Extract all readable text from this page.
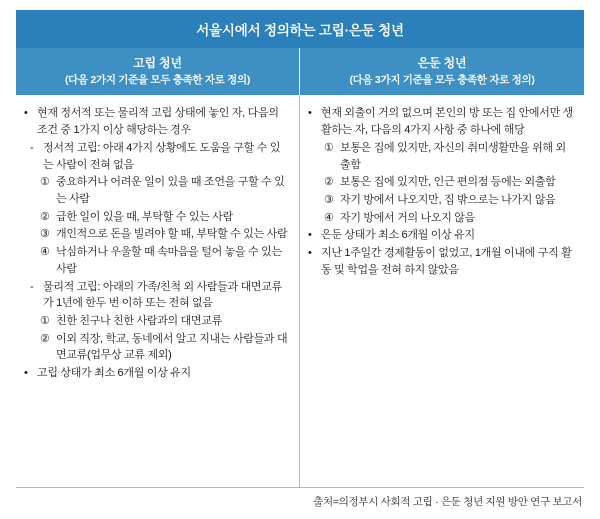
서울시에서 정의하는 고립·은둔 청년
고립 청년
(다음 2가지 기준을 모두 충족한 자로 정의)
은둔 청년
(다음 3가지 기준을 모두 충족한 자로 정의)
• 현재 정서적 또는 물리적 고립 상태에 놓인 자, 다음의 조건 중 1가지 이상 해당하는 경우
- 정서적 고립: 아래 4가지 상황에도 도움을 구할 수 있는 사람이 전혀 없음
① 중요하거나 어려운 일이 있을 때 조언을 구할 수 있는 사람
② 급한 일이 있을 때, 부탁할 수 있는 사람
③ 개인적으로 돈을 빌려야 할 때, 부탁할 수 있는 사람
④ 낙심하거나 우울할 때 속마음을 털어 놓을 수 있는 사람
- 물리적 고립: 아래의 가족/친척 외 사람들과 대면교류가 1년에 한두 번 이하 또는 전혀 없음
① 친한 친구나 친한 사람과의 대면교류
② 이외 직장, 학교, 동네에서 알고 지내는 사람들과 대면교류(업무상 교류 제외)
• 고립 상태가 최소 6개월 이상 유지
• 현재 외출이 거의 없으며 본인의 방 또는 집 안에서만 생활하는 자, 다음의 4가지 사항 중 하나에 해당
① 보통은 집에 있지만, 자신의 취미생활만을 위해 외출함
② 보통은 집에 있지만, 인근 편의점 등에는 외출함
③ 자기 방에서 나오지만, 집 밖으로는 나가지 않음
④ 자기 방에서 거의 나오지 않음
• 은둔 상태가 최소 6개월 이상 유지
• 지난 1주일간 경제활동이 없었고, 1개월 이내에 구직 활동 및 학업을 전혀 하지 않았음
출처=의정부시 사회적 고립 · 은둔 청년 지원 방안 연구 보고서
